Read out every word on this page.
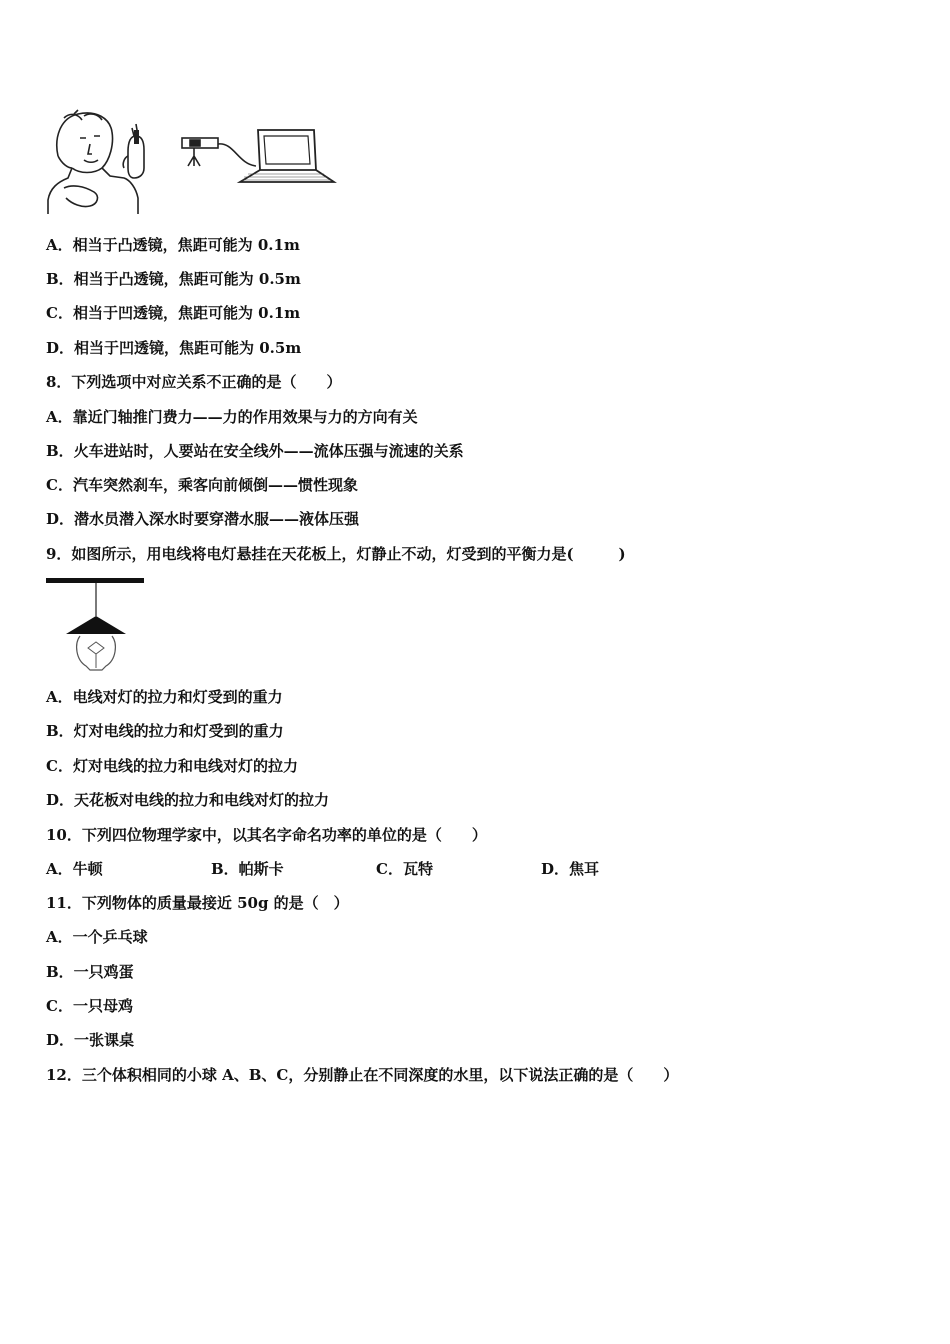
A．相当于凸透镜，焦距可能为 0.1m
B．相当于凸透镜，焦距可能为 0.5m
C．相当于凹透镜，焦距可能为 0.1m
D．相当于凹透镜，焦距可能为 0.5m
8．下列选项中对应关系不正确的是（　　）
A．靠近门轴推门费力——力的作用效果与力的方向有关
B．火车进站时，人要站在安全线外——流体压强与流速的关系
C．汽车突然刹车，乘客向前倾倒——惯性现象
D．潜水员潜入深水时要穿潜水服——液体压强
9．如图所示，用电线将电灯悬挂在天花板上，灯静止不动，灯受到的平衡力是(　　　)
A．电线对灯的拉力和灯受到的重力
B．灯对电线的拉力和灯受到的重力
C．灯对电线的拉力和电线对灯的拉力
D．天花板对电线的拉力和电线对灯的拉力
10．下列四位物理学家中，以其名字命名功率的单位的是（　　）
A．牛顿	B．帕斯卡	C．瓦特	D．焦耳
11．下列物体的质量最接近 50g 的是（　）
A．一个乒乓球
B．一只鸡蛋
C．一只母鸡
D．一张课桌
12．三个体积相同的小球 A、B、C，分别静止在不同深度的水里，以下说法正确的是（　　）
